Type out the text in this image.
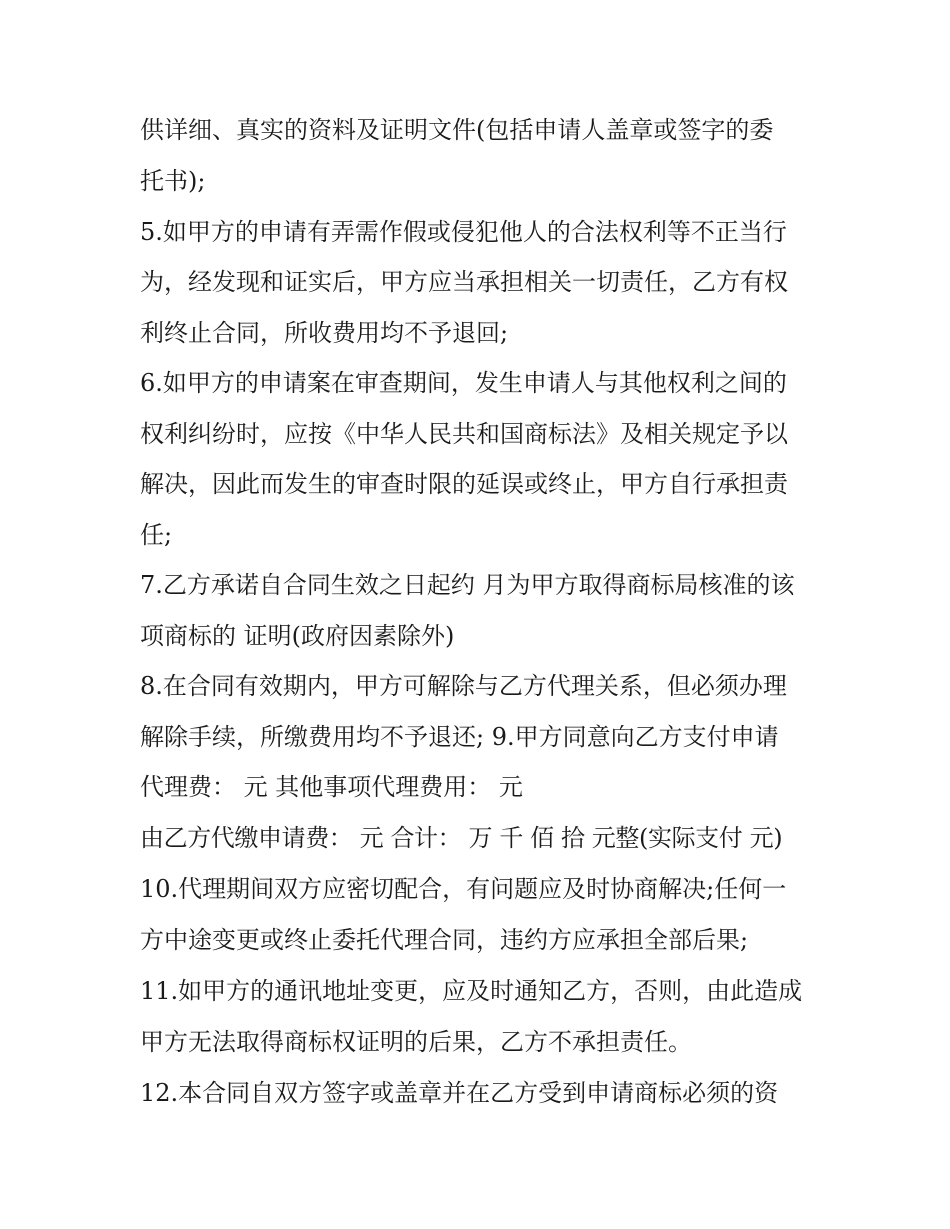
供详细、真实的资料及证明文件(包括申请人盖章或签字的委
托书);
5.如甲方的申请有弄需作假或侵犯他人的合法权利等不正当行
为，经发现和证实后，甲方应当承担相关一切责任，乙方有权
利终止合同，所收费用均不予退回;
6.如甲方的申请案在审查期间，发生申请人与其他权利之间的
权利纠纷时，应按《中华人民共和国商标法》及相关规定予以
解决，因此而发生的审查时限的延误或终止，甲方自行承担责
任;
7.乙方承诺自合同生效之日起约 月为甲方取得商标局核准的该
项商标的 证明(政府因素除外)
8.在合同有效期内，甲方可解除与乙方代理关系，但必须办理
解除手续，所缴费用均不予退还; 9.甲方同意向乙方支付申请
代理费： 元 其他事项代理费用： 元
由乙方代缴申请费： 元 合计： 万 千 佰 拾 元整(实际支付 元)
10.代理期间双方应密切配合，有问题应及时协商解决;任何一
方中途变更或终止委托代理合同，违约方应承担全部后果;
11.如甲方的通讯地址变更，应及时通知乙方，否则，由此造成
甲方无法取得商标权证明的后果，乙方不承担责任。
12.本合同自双方签字或盖章并在乙方受到申请商标必须的资
